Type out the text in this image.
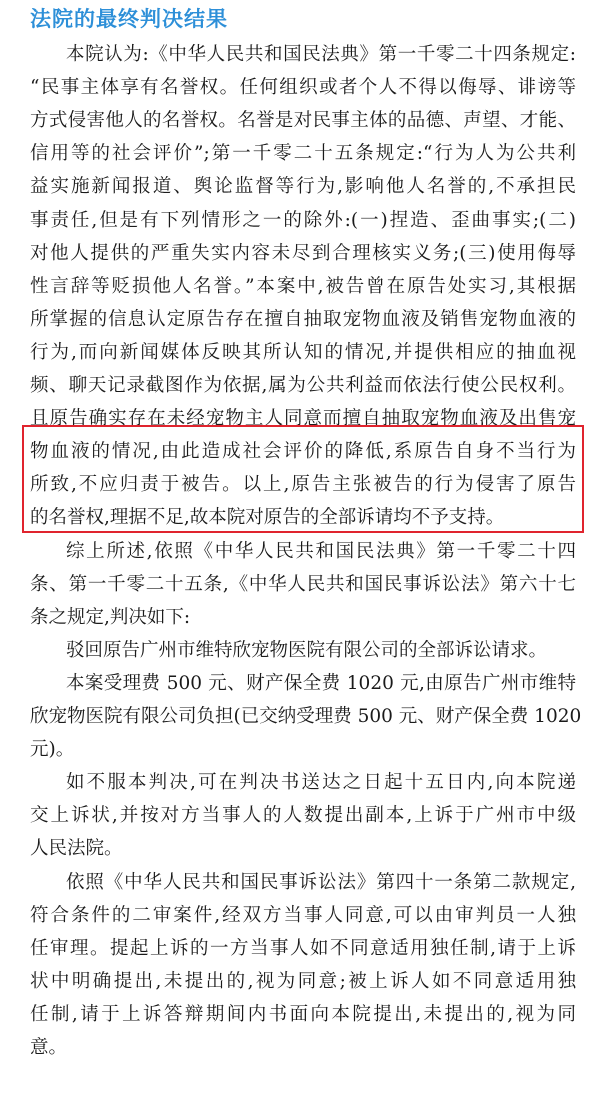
法院的最终判决结果
本院认为:《中华人民共和国民法典》第一千零二十四条规定:
“民事主体享有名誉权。任何组织或者个人不得以侮辱、诽谤等
方式侵害他人的名誉权。名誉是对民事主体的品德、声望、才能、
信用等的社会评价”;第一千零二十五条规定:“行为人为公共利
益实施新闻报道、舆论监督等行为,影响他人名誉的,不承担民
事责任,但是有下列情形之一的除外:(一)捏造、歪曲事实;(二)
对他人提供的严重失实内容未尽到合理核实义务;(三)使用侮辱
性言辞等贬损他人名誉。”本案中,被告曾在原告处实习,其根据
所掌握的信息认定原告存在擅自抽取宠物血液及销售宠物血液的
行为,而向新闻媒体反映其所认知的情况,并提供相应的抽血视
频、聊天记录截图作为依据,属为公共利益而依法行使公民权利。
且原告确实存在未经宠物主人同意而擅自抽取宠物血液及出售宠
物血液的情况,由此造成社会评价的降低,系原告自身不当行为
所致,不应归责于被告。以上,原告主张被告的行为侵害了原告
的名誉权,理据不足,故本院对原告的全部诉请均不予支持。
综上所述,依照《中华人民共和国民法典》第一千零二十四
条、第一千零二十五条,《中华人民共和国民事诉讼法》第六十七
条之规定,判决如下:
驳回原告广州市维特欣宠物医院有限公司的全部诉讼请求。
本案受理费 500 元、财产保全费 1020 元,由原告广州市维特
欣宠物医院有限公司负担(已交纳受理费 500 元、财产保全费 1020
元)。
如不服本判决,可在判决书送达之日起十五日内,向本院递
交上诉状,并按对方当事人的人数提出副本,上诉于广州市中级
人民法院。
依照《中华人民共和国民事诉讼法》第四十一条第二款规定,
符合条件的二审案件,经双方当事人同意,可以由审判员一人独
任审理。提起上诉的一方当事人如不同意适用独任制,请于上诉
状中明确提出,未提出的,视为同意;被上诉人如不同意适用独
任制,请于上诉答辩期间内书面向本院提出,未提出的,视为同
意。
